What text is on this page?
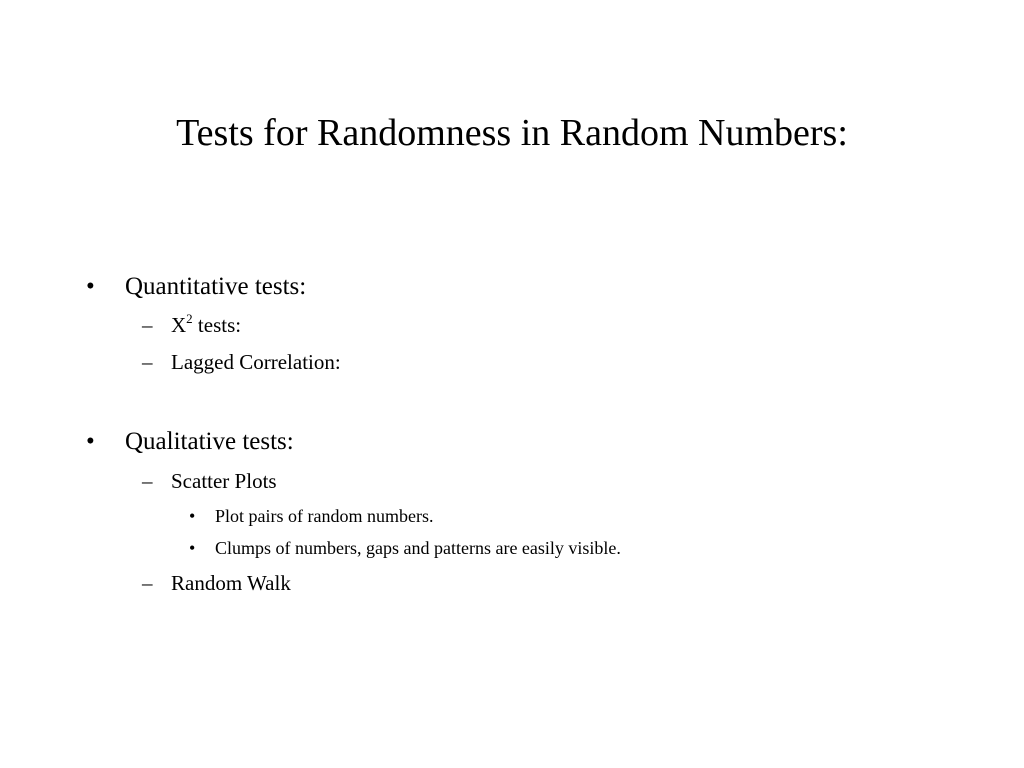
Tests for Randomness in Random Numbers:
• Quantitative tests:
– $X^2$ tests:
– Lagged Correlation:
• Qualitative tests:
– Scatter Plots
• Plot pairs of random numbers.
• Clumps of numbers, gaps and patterns are easily visible.
– Random Walk
